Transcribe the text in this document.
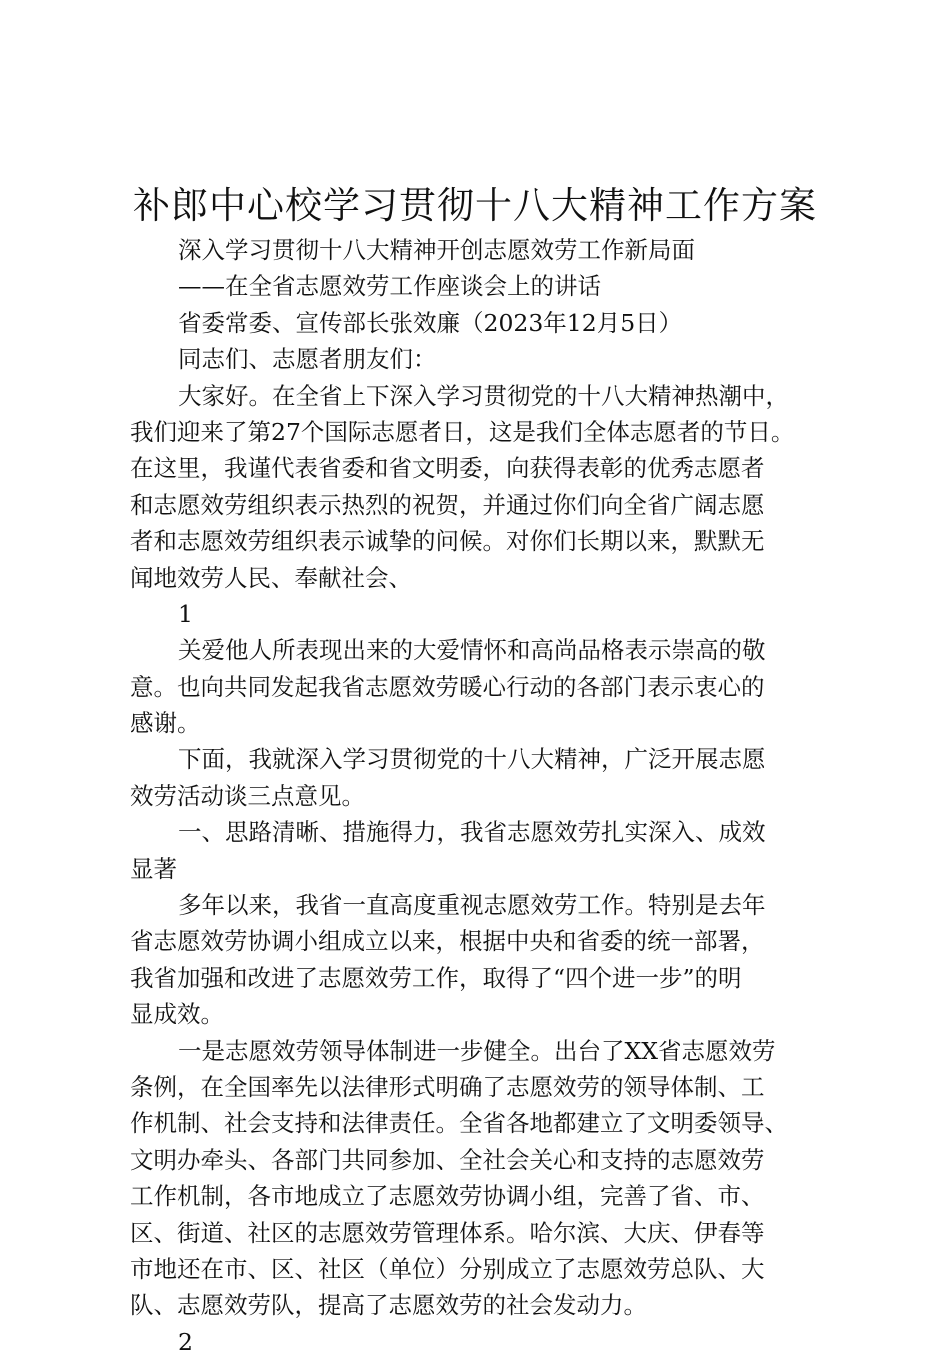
补郎中心校学习贯彻十八大精神工作方案
深入学习贯彻十八大精神开创志愿效劳工作新局面
——在全省志愿效劳工作座谈会上的讲话
省委常委、宣传部长张效廉（2023年12月5日）
同志们、志愿者朋友们：
大家好。在全省上下深入学习贯彻党的十八大精神热潮中，
我们迎来了第27个国际志愿者日，这是我们全体志愿者的节日。
在这里，我谨代表省委和省文明委，向获得表彰的优秀志愿者
和志愿效劳组织表示热烈的祝贺，并通过你们向全省广阔志愿
者和志愿效劳组织表示诚挚的问候。对你们长期以来，默默无
闻地效劳人民、奉献社会、
1
关爱他人所表现出来的大爱情怀和高尚品格表示崇高的敬
意。也向共同发起我省志愿效劳暖心行动的各部门表示衷心的
感谢。
下面，我就深入学习贯彻党的十八大精神，广泛开展志愿
效劳活动谈三点意见。
一、思路清晰、措施得力，我省志愿效劳扎实深入、成效
显著
多年以来，我省一直高度重视志愿效劳工作。特别是去年
省志愿效劳协调小组成立以来，根据中央和省委的统一部署，
我省加强和改进了志愿效劳工作，取得了“四个进一步”的明
显成效。
一是志愿效劳领导体制进一步健全。出台了XX省志愿效劳
条例，在全国率先以法律形式明确了志愿效劳的领导体制、工
作机制、社会支持和法律责任。全省各地都建立了文明委领导、
文明办牵头、各部门共同参加、全社会关心和支持的志愿效劳
工作机制，各市地成立了志愿效劳协调小组，完善了省、市、
区、街道、社区的志愿效劳管理体系。哈尔滨、大庆、伊春等
市地还在市、区、社区（单位）分别成立了志愿效劳总队、大
队、志愿效劳队，提高了志愿效劳的社会发动力。
2
